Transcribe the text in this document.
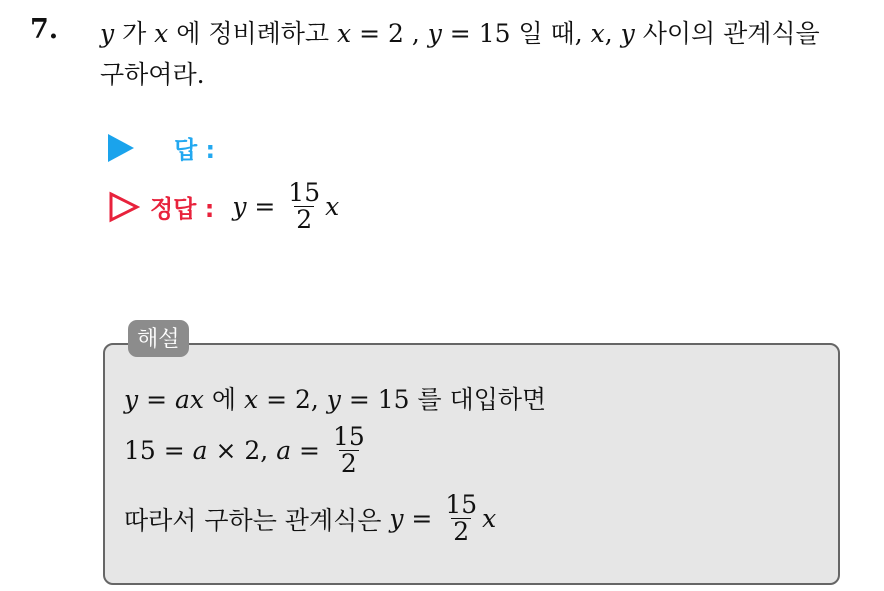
7. y 가 x 에 정비례하고 x = 2 , y = 15 일 때, x, y 사이의 관계식을
구하여라.
답 :
정답 : $y = \frac{15}{2}$ x
해설
y = ax 에 x = 2, y = 15 를 대입하면
15 = a × 2, $a = \frac{15}{2}$
따라서 구하는 관계식은 $y = \frac{15}{2}$ x
